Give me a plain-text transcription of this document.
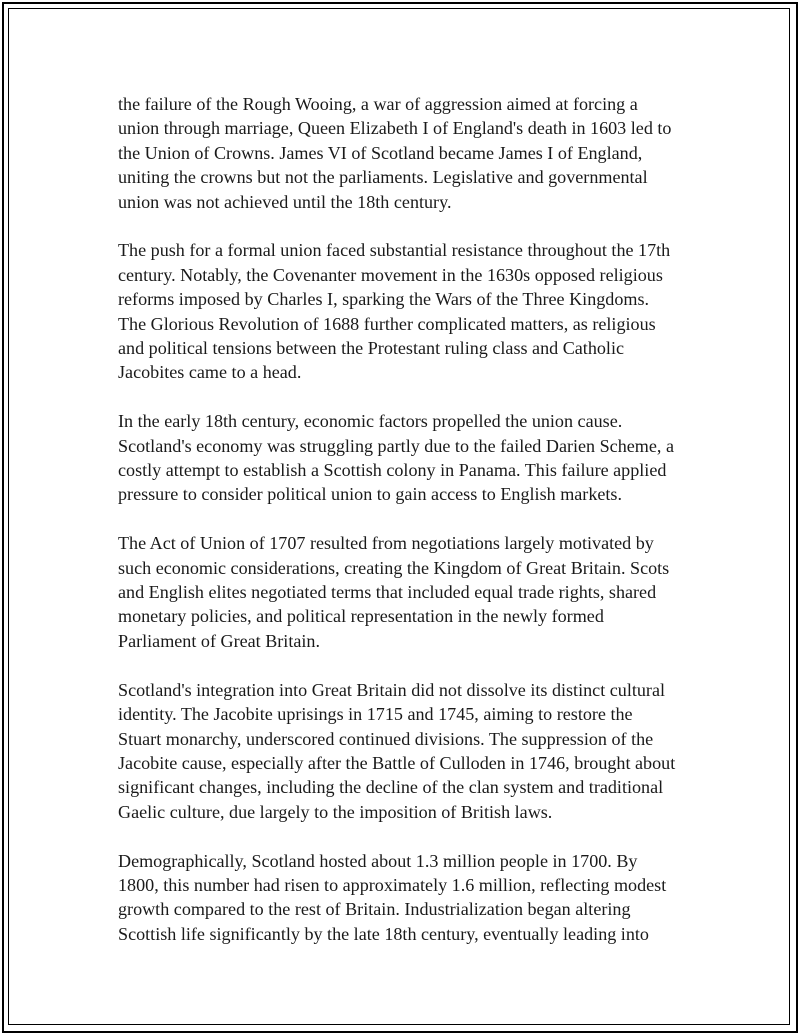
the failure of the Rough Wooing, a war of aggression aimed at forcing a
union through marriage, Queen Elizabeth I of England's death in 1603 led to
the Union of Crowns. James VI of Scotland became James I of England,
uniting the crowns but not the parliaments. Legislative and governmental
union was not achieved until the 18th century.

The push for a formal union faced substantial resistance throughout the 17th
century. Notably, the Covenanter movement in the 1630s opposed religious
reforms imposed by Charles I, sparking the Wars of the Three Kingdoms.
The Glorious Revolution of 1688 further complicated matters, as religious
and political tensions between the Protestant ruling class and Catholic
Jacobites came to a head.

In the early 18th century, economic factors propelled the union cause.
Scotland's economy was struggling partly due to the failed Darien Scheme, a
costly attempt to establish a Scottish colony in Panama. This failure applied
pressure to consider political union to gain access to English markets.

The Act of Union of 1707 resulted from negotiations largely motivated by
such economic considerations, creating the Kingdom of Great Britain. Scots
and English elites negotiated terms that included equal trade rights, shared
monetary policies, and political representation in the newly formed
Parliament of Great Britain.

Scotland's integration into Great Britain did not dissolve its distinct cultural
identity. The Jacobite uprisings in 1715 and 1745, aiming to restore the
Stuart monarchy, underscored continued divisions. The suppression of the
Jacobite cause, especially after the Battle of Culloden in 1746, brought about
significant changes, including the decline of the clan system and traditional
Gaelic culture, due largely to the imposition of British laws.

Demographically, Scotland hosted about 1.3 million people in 1700. By
1800, this number had risen to approximately 1.6 million, reflecting modest
growth compared to the rest of Britain. Industrialization began altering
Scottish life significantly by the late 18th century, eventually leading into
